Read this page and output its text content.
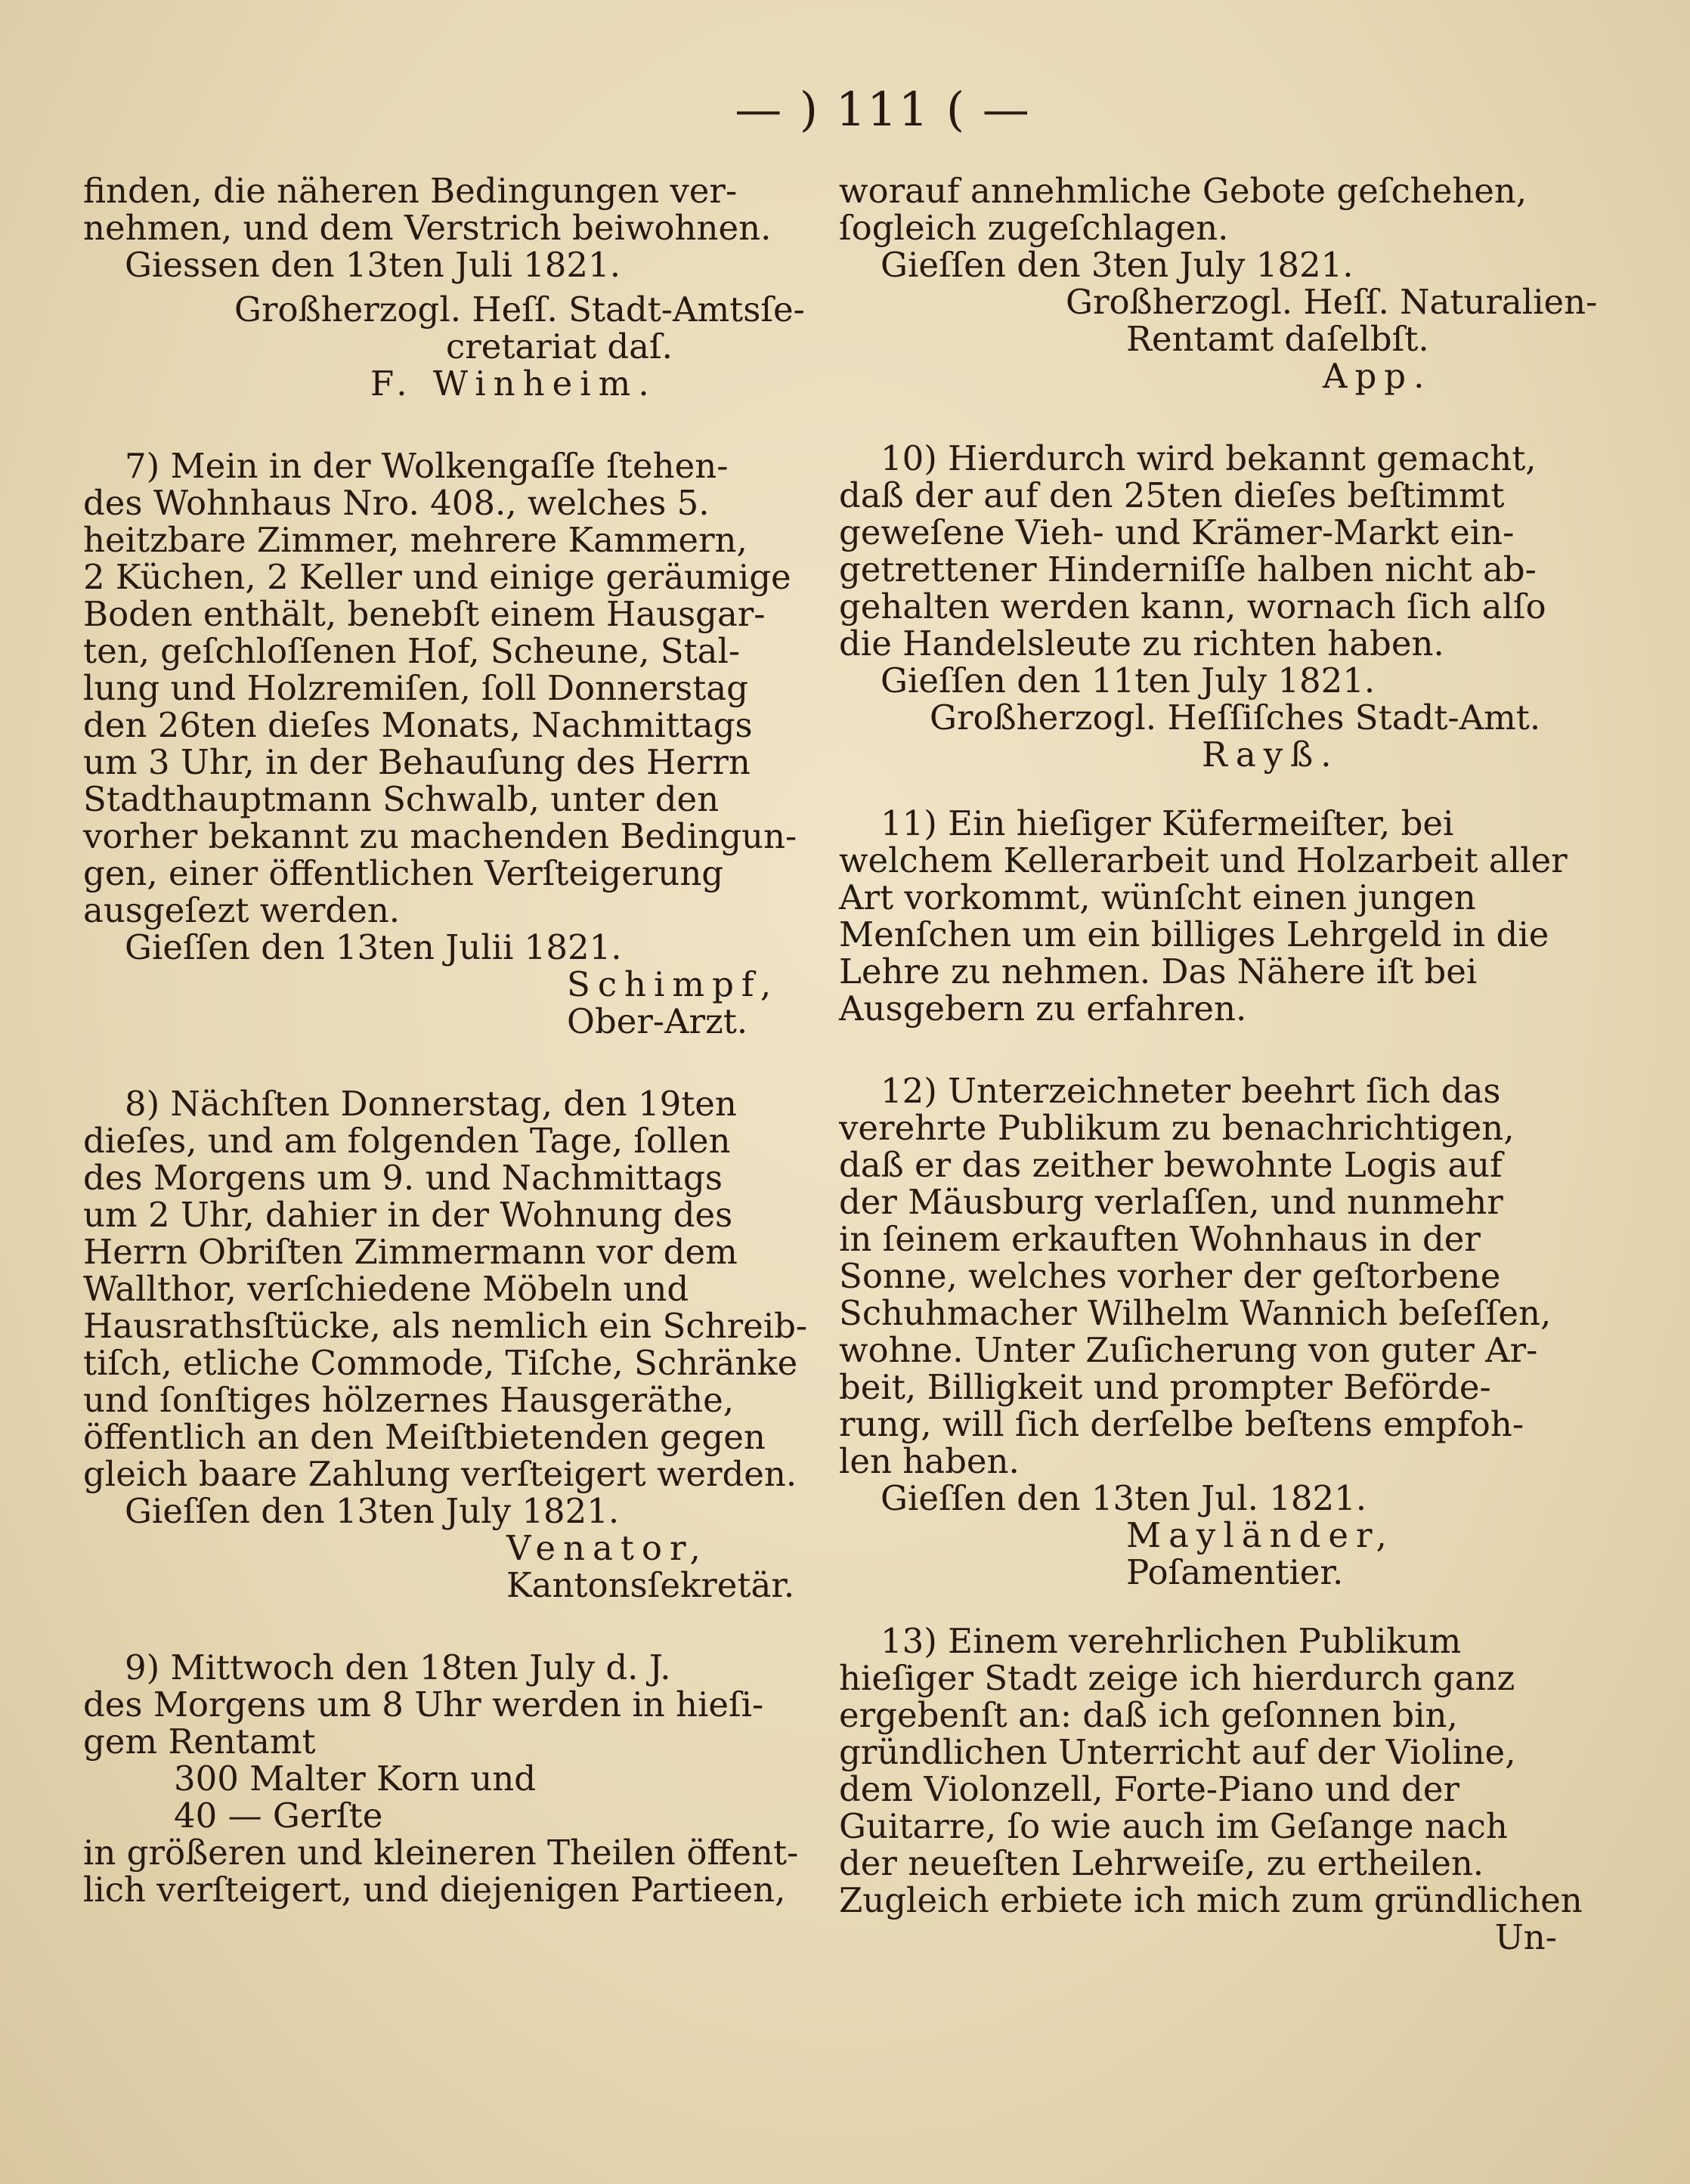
— ) 111 ( —
finden, die näheren Bedingungen ver-
nehmen, und dem Verstrich beiwohnen.
Giessen den 13ten Juli 1821.
Großherzogl. Heſſ. Stadt-Amtsſe-
cretariat daſ.
F. Winheim.
7) Mein in der Wolkengaſſe ſtehen-
des Wohnhaus Nro. 408., welches 5.
heitzbare Zimmer, mehrere Kammern,
2 Küchen, 2 Keller und einige geräumige
Boden enthält, benebſt einem Hausgar-
ten, geſchloſſenen Hof, Scheune, Stal-
lung und Holzremiſen, ſoll Donnerstag
den 26ten dieſes Monats, Nachmittags
um 3 Uhr, in der Behauſung des Herrn
Stadthauptmann Schwalb, unter den
vorher bekannt zu machenden Bedingun-
gen, einer öffentlichen Verſteigerung
ausgeſezt werden.
Gieſſen den 13ten Julii 1821.
Schimpf,
Ober-Arzt.
8) Nächſten Donnerstag, den 19ten
dieſes, und am folgenden Tage, ſollen
des Morgens um 9. und Nachmittags
um 2 Uhr, dahier in der Wohnung des
Herrn Obriſten Zimmermann vor dem
Wallthor, verſchiedene Möbeln und
Hausrathsſtücke, als nemlich ein Schreib-
tiſch, etliche Commode, Tiſche, Schränke
und ſonſtiges hölzernes Hausgeräthe,
öffentlich an den Meiſtbietenden gegen
gleich baare Zahlung verſteigert werden.
Gieſſen den 13ten July 1821.
Venator,
Kantonsſekretär.
9) Mittwoch den 18ten July d. J.
des Morgens um 8 Uhr werden in hieſi-
gem Rentamt
300 Malter Korn und
40 — Gerſte
in größeren und kleineren Theilen öffent-
lich verſteigert, und diejenigen Partieen,
worauf annehmliche Gebote geſchehen,
ſogleich zugeſchlagen.
Gieſſen den 3ten July 1821.
Großherzogl. Heſſ. Naturalien-
Rentamt daſelbſt.
App.
10) Hierdurch wird bekannt gemacht,
daß der auf den 25ten dieſes beſtimmt
geweſene Vieh- und Krämer-Markt ein-
getrettener Hinderniſſe halben nicht ab-
gehalten werden kann, wornach ſich alſo
die Handelsleute zu richten haben.
Gieſſen den 11ten July 1821.
Großherzogl. Heſſiſches Stadt-Amt.
Rayß.
11) Ein hieſiger Küfermeiſter, bei
welchem Kellerarbeit und Holzarbeit aller
Art vorkommt, wünſcht einen jungen
Menſchen um ein billiges Lehrgeld in die
Lehre zu nehmen. Das Nähere iſt bei
Ausgebern zu erfahren.
12) Unterzeichneter beehrt ſich das
verehrte Publikum zu benachrichtigen,
daß er das zeither bewohnte Logis auf
der Mäusburg verlaſſen, und nunmehr
in ſeinem erkauften Wohnhaus in der
Sonne, welches vorher der geſtorbene
Schuhmacher Wilhelm Wannich beſeſſen,
wohne. Unter Zuſicherung von guter Ar-
beit, Billigkeit und prompter Beförde-
rung, will ſich derſelbe beſtens empfoh-
len haben.
Gieſſen den 13ten Jul. 1821.
Mayländer,
Poſamentier.
13) Einem verehrlichen Publikum
hieſiger Stadt zeige ich hierdurch ganz
ergebenſt an: daß ich geſonnen bin,
gründlichen Unterricht auf der Violine,
dem Violonzell, Forte-Piano und der
Guitarre, ſo wie auch im Geſange nach
der neueſten Lehrweiſe, zu ertheilen.
Zugleich erbiete ich mich zum gründlichen
Un-
